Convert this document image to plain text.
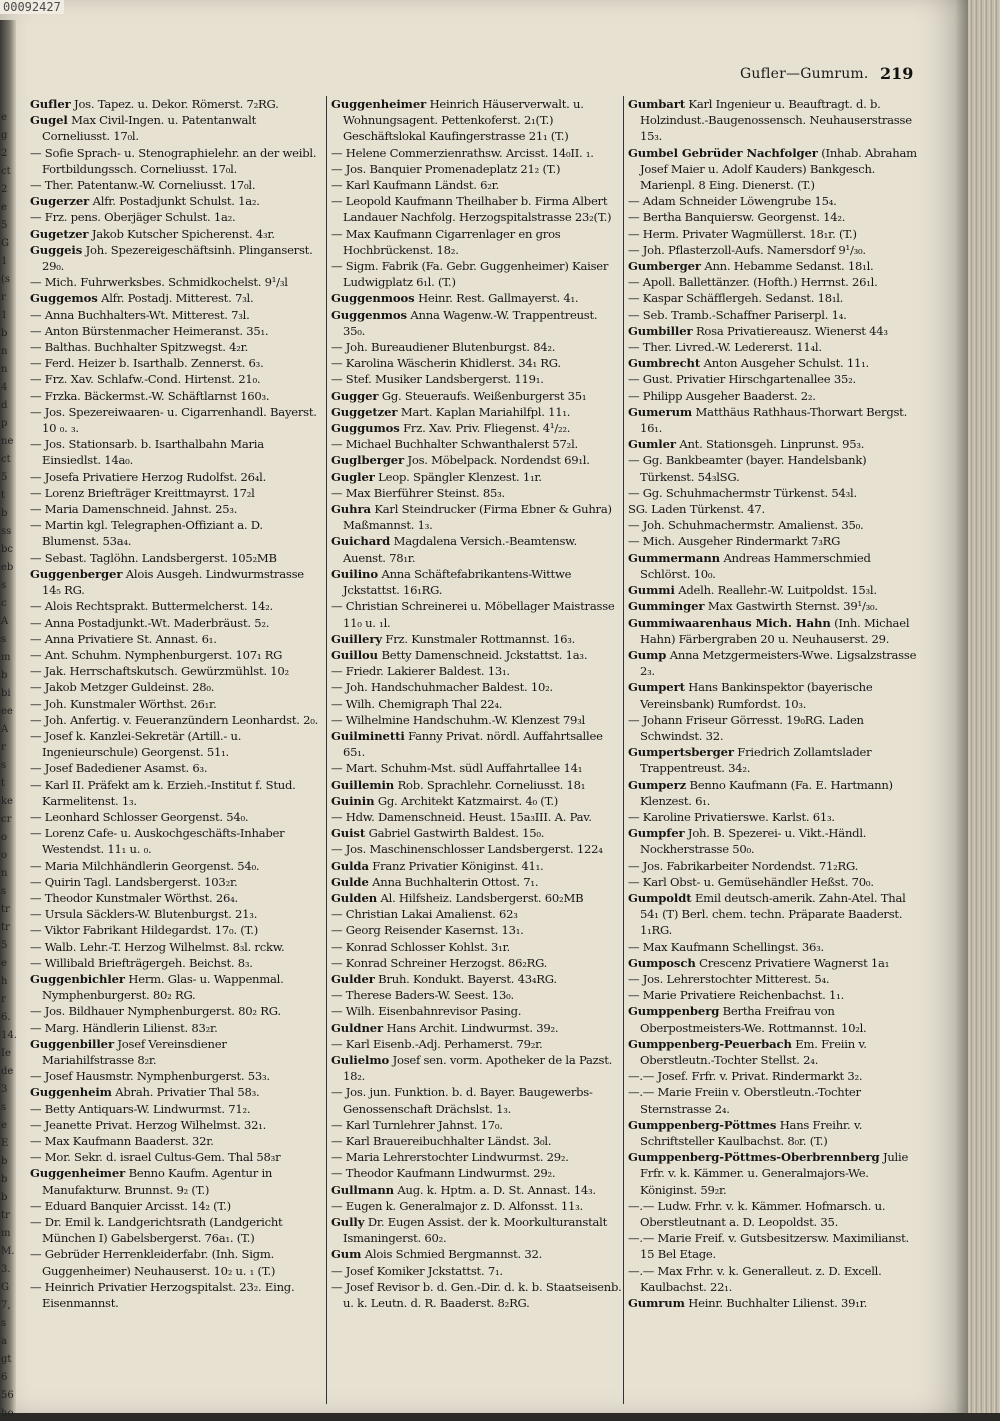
00092427
e
g
2
ct
2
e
5
G
1
(s
r
1
b
n
n
4
d
p
ne
ct
5
t
b
ss
bc
eb
s
c
A
s
m
b
bi
ee
A
r
s
t
ke
cr
o
o
n
s
tr
tr
5
e
h
r
6.
14.
Ie
de
3
s
e
E
b
b
b
tr
m
M.
3.
G
7,
s
a
gt
6
56
ho
Gufler—Gumrum. 219

Gufler Jos. Tapez. u. Dekor. Römerst. 7₂RG.

Gugel Max Civil-Ingen. u. Patentanwalt Corneliusst. 17₀l.

— Sofie Sprach- u. Stenographielehr. an der weibl. Fortbildungssch. Corneliusst. 17₀l.

— Ther. Patentanw.-W. Corneliusst. 17₀l.

Gugerzer Alfr. Postadjunkt Schulst. 1a₂.

— Frz. pens. Oberjäger Schulst. 1a₂.

Gugetzer Jakob Kutscher Spicherenst. 4₃r.

Guggeis Joh. Spezereigeschäftsinh. Plinganserst. 29₀.

— Mich. Fuhrwerksbes. Schmidkochelst. 9¹/₃l

Guggemos Alfr. Postadj. Mitterest. 7₃l.

— Anna Buchhalters-Wt. Mitterest. 7₃l.

— Anton Bürstenmacher Heimeranst. 35₁.

— Balthas. Buchhalter Spitzwegst. 4₂r.

— Ferd. Heizer b. Isarthalb. Zennerst. 6₃.

— Frz. Xav. Schlafw.-Cond. Hirtenst. 21₀.

— Frzka. Bäckermst.-W. Schäftlarnst 160₃.

— Jos. Spezereiwaaren- u. Cigarrenhandl. Bayerst. 10 ₀. ₃.

— Jos. Stationsarb. b. Isarthalbahn Maria Einsiedlst. 14a₀.

— Josefa Privatiere Herzog Rudolfst. 26₄l.

— Lorenz Briefträger Kreittmayrst. 17₂l

— Maria Damenschneid. Jahnst. 25₃.

— Martin kgl. Telegraphen-Offiziant a. D. Blumenst. 53a₄.

— Sebast. Taglöhn. Landsbergerst. 105₂MB

Guggenberger Alois Ausgeh. Lindwurmstrasse 14₅ RG.

— Alois Rechtsprakt. Buttermelcherst. 14₂.

— Anna Postadjunkt.-Wt. Maderbräust. 5₂.

— Anna Privatiere St. Annast. 6₁.

— Ant. Schuhm. Nymphenburgerst. 107₁ RG

— Jak. Herrschaftskutsch. Gewürzmühlst. 10₂

— Jakob Metzger Guldeinst. 28₀.

— Joh. Kunstmaler Wörthst. 26₁r.

— Joh. Anfertig. v. Feueranzündern Leonhardst. 2₀.

— Josef k. Kanzlei-Sekretär (Artill.- u. Ingenieurschule) Georgenst. 51₁.

— Josef Badediener Asamst. 6₃.

— Karl II. Präfekt am k. Erzieh.-Institut f. Stud. Karmelitenst. 1₃.

— Leonhard Schlosser Georgenst. 54₀.

— Lorenz Cafe- u. Auskochgeschäfts-Inhaber Westendst. 11₁ u. ₀.

— Maria Milchhändlerin Georgenst. 54₀.

— Quirin Tagl. Landsbergerst. 103₂r.

— Theodor Kunstmaler Wörthst. 26₄.

— Ursula Säcklers-W. Blutenburgst. 21₃.

— Viktor Fabrikant Hildegardst. 17₀. (T.)

— Walb. Lehr.-T. Herzog Wilhelmst. 8₃l. rckw.

— Willibald Briefträgergeh. Beichst. 8₃.

Guggenbichler Herm. Glas- u. Wappenmal. Nymphenburgerst. 80₂ RG.

— Jos. Bildhauer Nymphenburgerst. 80₂ RG.

— Marg. Händlerin Lilienst. 83₂r.

Guggenbiller Josef Vereinsdiener Mariahilfstrasse 8₂r.

— Josef Hausmstr. Nymphenburgerst. 53₃.

Guggenheim Abrah. Privatier Thal 58₃.

— Betty Antiquars-W. Lindwurmst. 71₂.

— Jeanette Privat. Herzog Wilhelmst. 32₁.

— Max Kaufmann Baaderst. 32r.

— Mor. Sekr. d. israel Cultus-Gem. Thal 58₃r

Guggenheimer Benno Kaufm. Agentur in Manufakturw. Brunnst. 9₂ (T.)

— Eduard Banquier Arcisst. 14₂ (T.)

— Dr. Emil k. Landgerichtsrath (Landgericht München I) Gabelsbergerst. 76a₁. (T.)

— Gebrüder Herrenkleiderfabr. (Inh. Sigm. Guggenheimer) Neuhauserst. 10₂ u. ₁ (T.)

— Heinrich Privatier Herzogspitalst. 23₂. Eing. Eisenmannst.

Guggenheimer Heinrich Häuserverwalt. u. Wohnungsagent. Pettenkoferst. 2₁(T.) Geschäftslokal Kaufingerstrasse 21₁ (T.)

— Helene Commerzienrathsw. Arcisst. 14₀II. ₁.

— Jos. Banquier Promenadeplatz 21₂ (T.)

— Karl Kaufmann Ländst. 6₂r.

— Leopold Kaufmann Theilhaber b. Firma Albert Landauer Nachfolg. Herzogspitalstrasse 23₂(T.)

— Max Kaufmann Cigarrenlager en gros Hochbrückenst. 18₂.

— Sigm. Fabrik (Fa. Gebr. Guggenheimer) Kaiser Ludwigplatz 6₁l. (T.)

Guggenmoos Heinr. Rest. Gallmayerst. 4₁.

Guggenmos Anna Wagenw.-W. Trappentreust. 35₀.

— Joh. Bureaudiener Blutenburgst. 84₂.

— Karolina Wäscherin Khidlerst. 34₁ RG.

— Stef. Musiker Landsbergerst. 119₁.

Gugger Gg. Steueraufs. Weißenburgerst 35₁

Guggetzer Mart. Kaplan Mariahilfpl. 11₁.

Guggumos Frz. Xav. Priv. Fliegenst. 4¹/₂₂.

— Michael Buchhalter Schwanthalerst 57₂l.

Guglberger Jos. Möbelpack. Nordendst 69₁l.

Gugler Leop. Spängler Klenzest. 1₁r.

— Max Bierführer Steinst. 85₃.

Guhra Karl Steindrucker (Firma Ebner & Guhra) Maßmannst. 1₃.

Guichard Magdalena Versich.-Beamtensw. Auenst. 78₁r.

Guilino Anna Schäftefabrikantens-Wittwe Jckstattst. 16₁RG.

— Christian Schreinerei u. Möbellager Maistrasse 11₀ u. ₁l.

Guillery Frz. Kunstmaler Rottmannst. 16₃.

Guillou Betty Damenschneid. Jckstattst. 1a₃.

— Friedr. Lakierer Baldest. 13₁.

— Joh. Handschuhmacher Baldest. 10₂.

— Wilh. Chemigraph Thal 22₄.

— Wilhelmine Handschuhm.-W. Klenzest 79₃l

Guilminetti Fanny Privat. nördl. Auffahrtsallee 65₁.

— Mart. Schuhm-Mst. südl Auffahrtallee 14₁

Guillemin Rob. Sprachlehr. Corneliusst. 18₁

Guinin Gg. Architekt Katzmairst. 4₀ (T.)

— Hdw. Damenschneid. Heust. 15a₃III. A. Pav.

Guist Gabriel Gastwirth Baldest. 15₀.

— Jos. Maschinenschlosser Landsbergerst. 122₄

Gulda Franz Privatier Königinst. 41₁.

Gulde Anna Buchhalterin Ottost. 7₁.

Gulden Al. Hilfsheiz. Landsbergerst. 60₂MB

— Christian Lakai Amalienst. 62₃

— Georg Reisender Kasernst. 13₁.

— Konrad Schlosser Kohlst. 3₁r.

— Konrad Schreiner Herzogst. 86₂RG.

Gulder Bruh. Kondukt. Bayerst. 43₄RG.

— Therese Baders-W. Seest. 13₀.

— Wilh. Eisenbahnrevisor Pasing.

Guldner Hans Archit. Lindwurmst. 39₂.

— Karl Eisenb.-Adj. Perhamerst. 79₂r.

Gulielmo Josef sen. vorm. Apotheker de la Pazst. 18₂.

— Jos. jun. Funktion. b. d. Bayer. Baugewerbs-Genossenschaft Drächslst. 1₃.

— Karl Turnlehrer Jahnst. 17₀.

— Karl Brauereibuchhalter Ländst. 3₀l.

— Maria Lehrerstochter Lindwurmst. 29₂.

— Theodor Kaufmann Lindwurmst. 29₂.

Gullmann Aug. k. Hptm. a. D. St. Annast. 14₃.

— Eugen k. Generalmajor z. D. Alfonsst. 11₃.

Gully Dr. Eugen Assist. der k. Moorkulturanstalt Ismaningerst. 60₂.

Gum Alois Schmied Bergmannst. 32.

— Josef Komiker Jckstattst. 7₁.

— Josef Revisor b. d. Gen.-Dir. d. k. b. Staatseisenb. u. k. Leutn. d. R. Baaderst. 8₂RG.

Gumbart Karl Ingenieur u. Beauftragt. d. b. Holzindust.-Baugenossensch. Neuhauserstrasse 15₃.

Gumbel Gebrüder Nachfolger (Inhab. Abraham Josef Maier u. Adolf Kauders) Bankgesch. Marienpl. 8 Eing. Dienerst. (T.)

— Adam Schneider Löwengrube 15₄.

— Bertha Banquiersw. Georgenst. 14₂.

— Herm. Privater Wagmüllerst. 18₁r. (T.)

— Joh. Pflasterzoll-Aufs. Namersdorf 9¹/₃₀.

Gumberger Ann. Hebamme Sedanst. 18₁l.

— Apoll. Ballettänzer. (Hofth.) Herrnst. 26₁l.

— Kaspar Schäfflergeh. Sedanst. 18₁l.

— Seb. Tramb.-Schaffner Pariserpl. 1₄.

Gumbiller Rosa Privatiereausz. Wienerst 44₃

— Ther. Livred.-W. Ledererst. 11₄l.

Gumbrecht Anton Ausgeher Schulst. 11₁.

— Gust. Privatier Hirschgartenallee 35₂.

— Philipp Ausgeher Baaderst. 2₂.

Gumerum Matthäus Rathhaus-Thorwart Bergst. 16₁.

Gumler Ant. Stationsgeh. Linprunst. 95₃.

— Gg. Bankbeamter (bayer. Handelsbank) Türkenst. 54₃lSG.

— Gg. Schuhmachermstr Türkenst. 54₃l.

SG. Laden Türkenst. 47.

— Joh. Schuhmachermstr. Amalienst. 35₀.

— Mich. Ausgeher Rindermarkt 7₃RG

Gummermann Andreas Hammerschmied Schlörst. 10₀.

Gummi Adelh. Reallehr.-W. Luitpoldst. 15₃l.

Gumminger Max Gastwirth Sternst. 39¹/₃₀.

Gummiwaarenhaus Mich. Hahn (Inh. Michael Hahn) Färbergraben 20 u. Neuhauserst. 29.

Gump Anna Metzgermeisters-Wwe. Ligsalzstrasse 2₃.

Gumpert Hans Bankinspektor (bayerische Vereinsbank) Rumfordst. 10₃.

— Johann Friseur Görresst. 19₀RG. Laden Schwindst. 32.

Gumpertsberger Friedrich Zollamtslader Trappentreust. 34₂.

Gumperz Benno Kaufmann (Fa. E. Hartmann) Klenzest. 6₁.

— Karoline Privatierswe. Karlst. 61₃.

Gumpfer Joh. B. Spezerei- u. Vikt.-Händl. Nockherstrasse 50₀.

— Jos. Fabrikarbeiter Nordendst. 71₂RG.

— Karl Obst- u. Gemüsehändler Heßst. 70₀.

Gumpoldt Emil deutsch-amerik. Zahn-Atel. Thal 54₁ (T) Berl. chem. techn. Präparate Baaderst. 1₁RG.

— Max Kaufmann Schellingst. 36₃.

Gumposch Crescenz Privatiere Wagnerst 1a₁

— Jos. Lehrerstochter Mitterest. 5₄.

— Marie Privatiere Reichenbachst. 1₁.

Gumppenberg Bertha Freifrau von Oberpostmeisters-We. Rottmannst. 10₂l.

Gumppenberg-Peuerbach Em. Freiin v. Oberstleutn.-Tochter Stellst. 2₄.

—.— Josef. Frfr. v. Privat. Rindermarkt 3₂.

—.— Marie Freiin v. Oberstleutn.-Tochter Sternstrasse 2₄.

Gumppenberg-Pöttmes Hans Freihr. v. Schriftsteller Kaulbachst. 8₀r. (T.)

Gumppenberg-Pöttmes-Oberbrennberg Julie Frfr. v. k. Kämmer. u. Generalmajors-We. Königinst. 59₂r.

—.— Ludw. Frhr. v. k. Kämmer. Hofmarsch. u. Oberstleutnant a. D. Leopoldst. 35.

—.— Marie Freif. v. Gutsbesitzersw. Maximilianst. 15 Bel Etage.

—.— Max Frhr. v. k. Generalleut. z. D. Excell. Kaulbachst. 22₁.

Gumrum Heinr. Buchhalter Lilienst. 39₁r.
